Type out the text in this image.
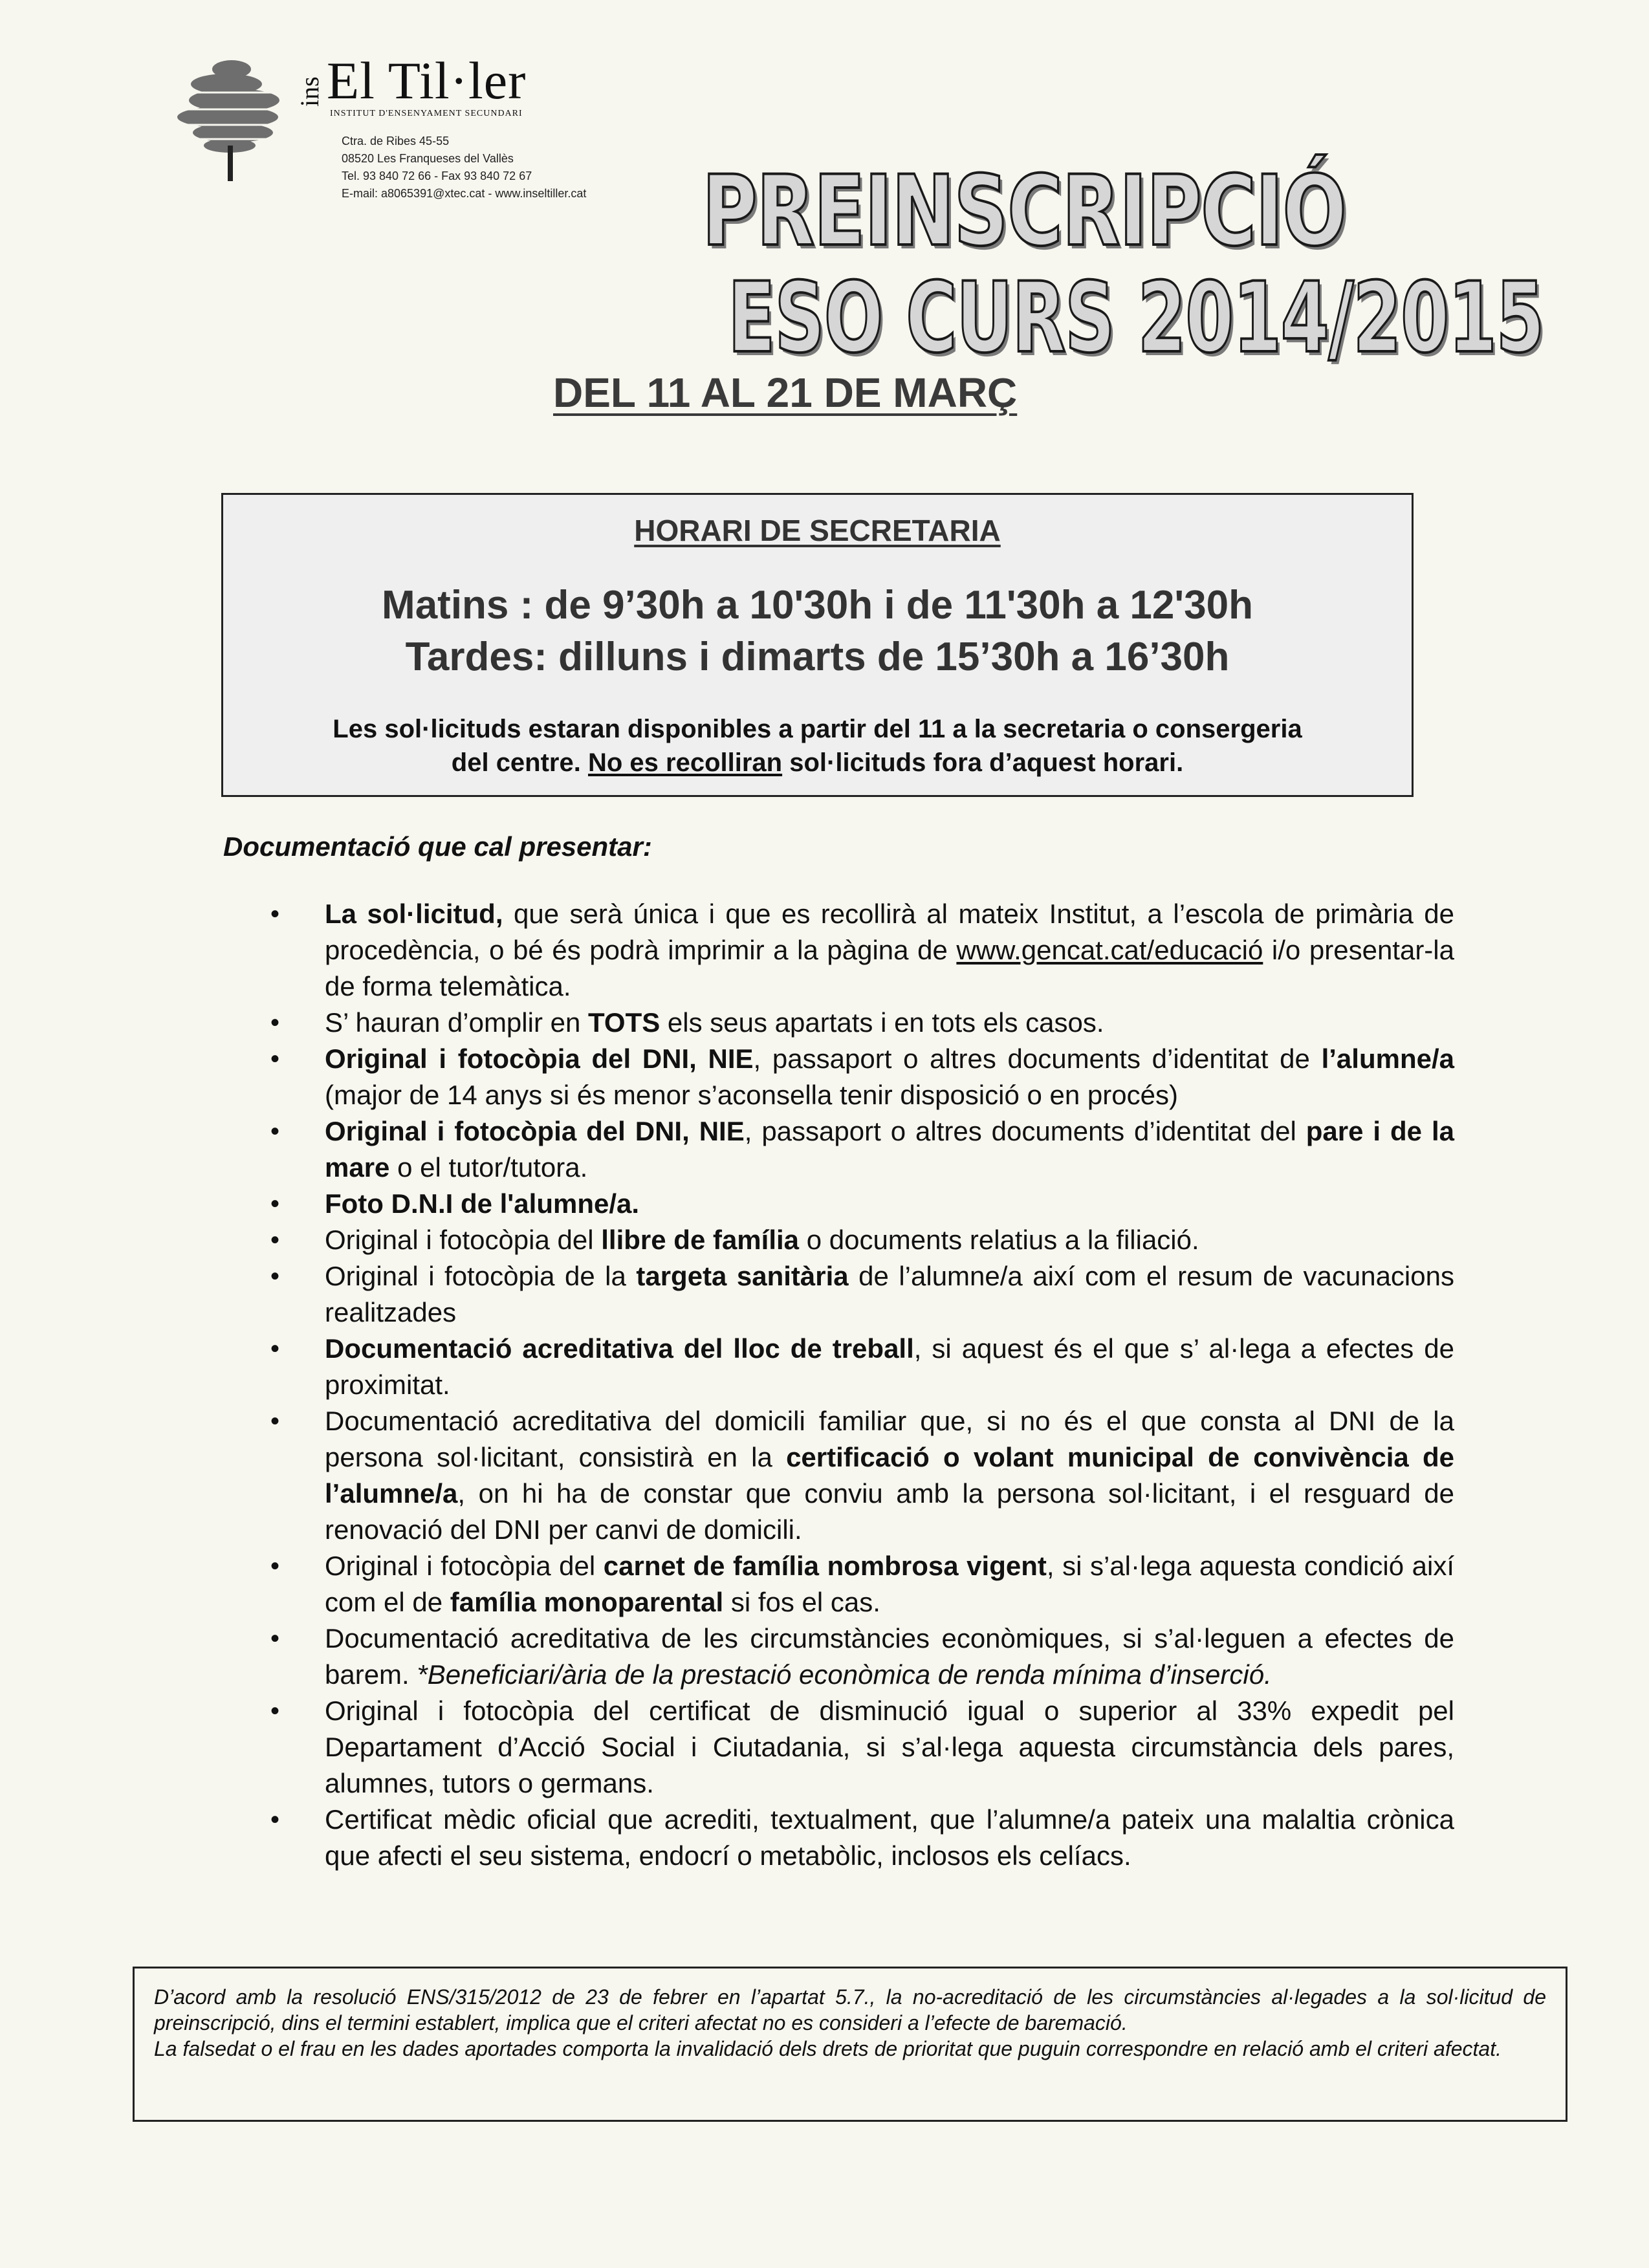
ins El Til·ler
INSTITUT D'ENSENYAMENT SECUNDARI
Ctra. de Ribes 45-55
08520 Les Franqueses del Vallès
Tel. 93 840 72 66 - Fax 93 840 72 67
E-mail: a8065391@xtec.cat - www.inseltiller.cat PREINSCRIPCIÓ
ESO CURS 2014/2015
DEL 11 AL 21 DE MARÇ
HORARI DE SECRETARIA
Matins : de 9’30h a 10'30h i de 11'30h a 12'30h
Tardes: dilluns i dimarts de 15’30h a 16’30h
Les sol·licituds estaran disponibles a partir del 11 a la secretaria o consergeria
del centre. No es recolliran sol·licituds fora d’aquest horari.
Documentació que cal presentar:
• La sol·licitud, que serà única i que es recollirà al mateix Institut, a l’escola de primària de procedència, o bé és podrà imprimir a la pàgina de www.gencat.cat/educació i/o presentar-la de forma telemàtica.
• S’ hauran d’omplir en TOTS els seus apartats i en tots els casos.
• Original i fotocòpia del DNI, NIE, passaport o altres documents d’identitat de l’alumne/a (major de 14 anys si és menor s’aconsella tenir disposició o en procés)
• Original i fotocòpia del DNI, NIE, passaport o altres documents d’identitat del pare i de la mare o el tutor/tutora.
• Foto D.N.I de l'alumne/a.
• Original i fotocòpia del llibre de família o documents relatius a la filiació.
• Original i fotocòpia de la targeta sanitària de l’alumne/a així com el resum de vacunacions realitzades
• Documentació acreditativa del lloc de treball, si aquest és el que s’ al·lega a efectes de proximitat.
• Documentació acreditativa del domicili familiar que, si no és el que consta al DNI de la persona sol·licitant, consistirà en la certificació o volant municipal de convivència de l’alumne/a, on hi ha de constar que conviu amb la persona sol·licitant, i el resguard de renovació del DNI per canvi de domicili.
• Original i fotocòpia del carnet de família nombrosa vigent, si s’al·lega aquesta condició així com el de família monoparental si fos el cas.
• Documentació acreditativa de les circumstàncies econòmiques, si s’al·leguen a efectes de barem. *Beneficiari/ària de la prestació econòmica de renda mínima d’inserció.
• Original i fotocòpia del certificat de disminució igual o superior al 33% expedit pel Departament d’Acció Social i Ciutadania, si s’al·lega aquesta circumstància dels pares, alumnes, tutors o germans.
• Certificat mèdic oficial que acrediti, textualment, que l’alumne/a pateix una malaltia crònica que afecti el seu sistema, endocrí o metabòlic, inclosos els celíacs.

D’acord amb la resolució ENS/315/2012 de 23 de febrer en l’apartat 5.7., la no-acreditació de les circumstàncies al·legades a la sol·licitud de preinscripció, dins el termini establert, implica que el criteri afectat no es consideri a l’efecte de baremació.

La falsedat o el frau en les dades aportades comporta la invalidació dels drets de prioritat que puguin correspondre en relació amb el criteri afectat.
